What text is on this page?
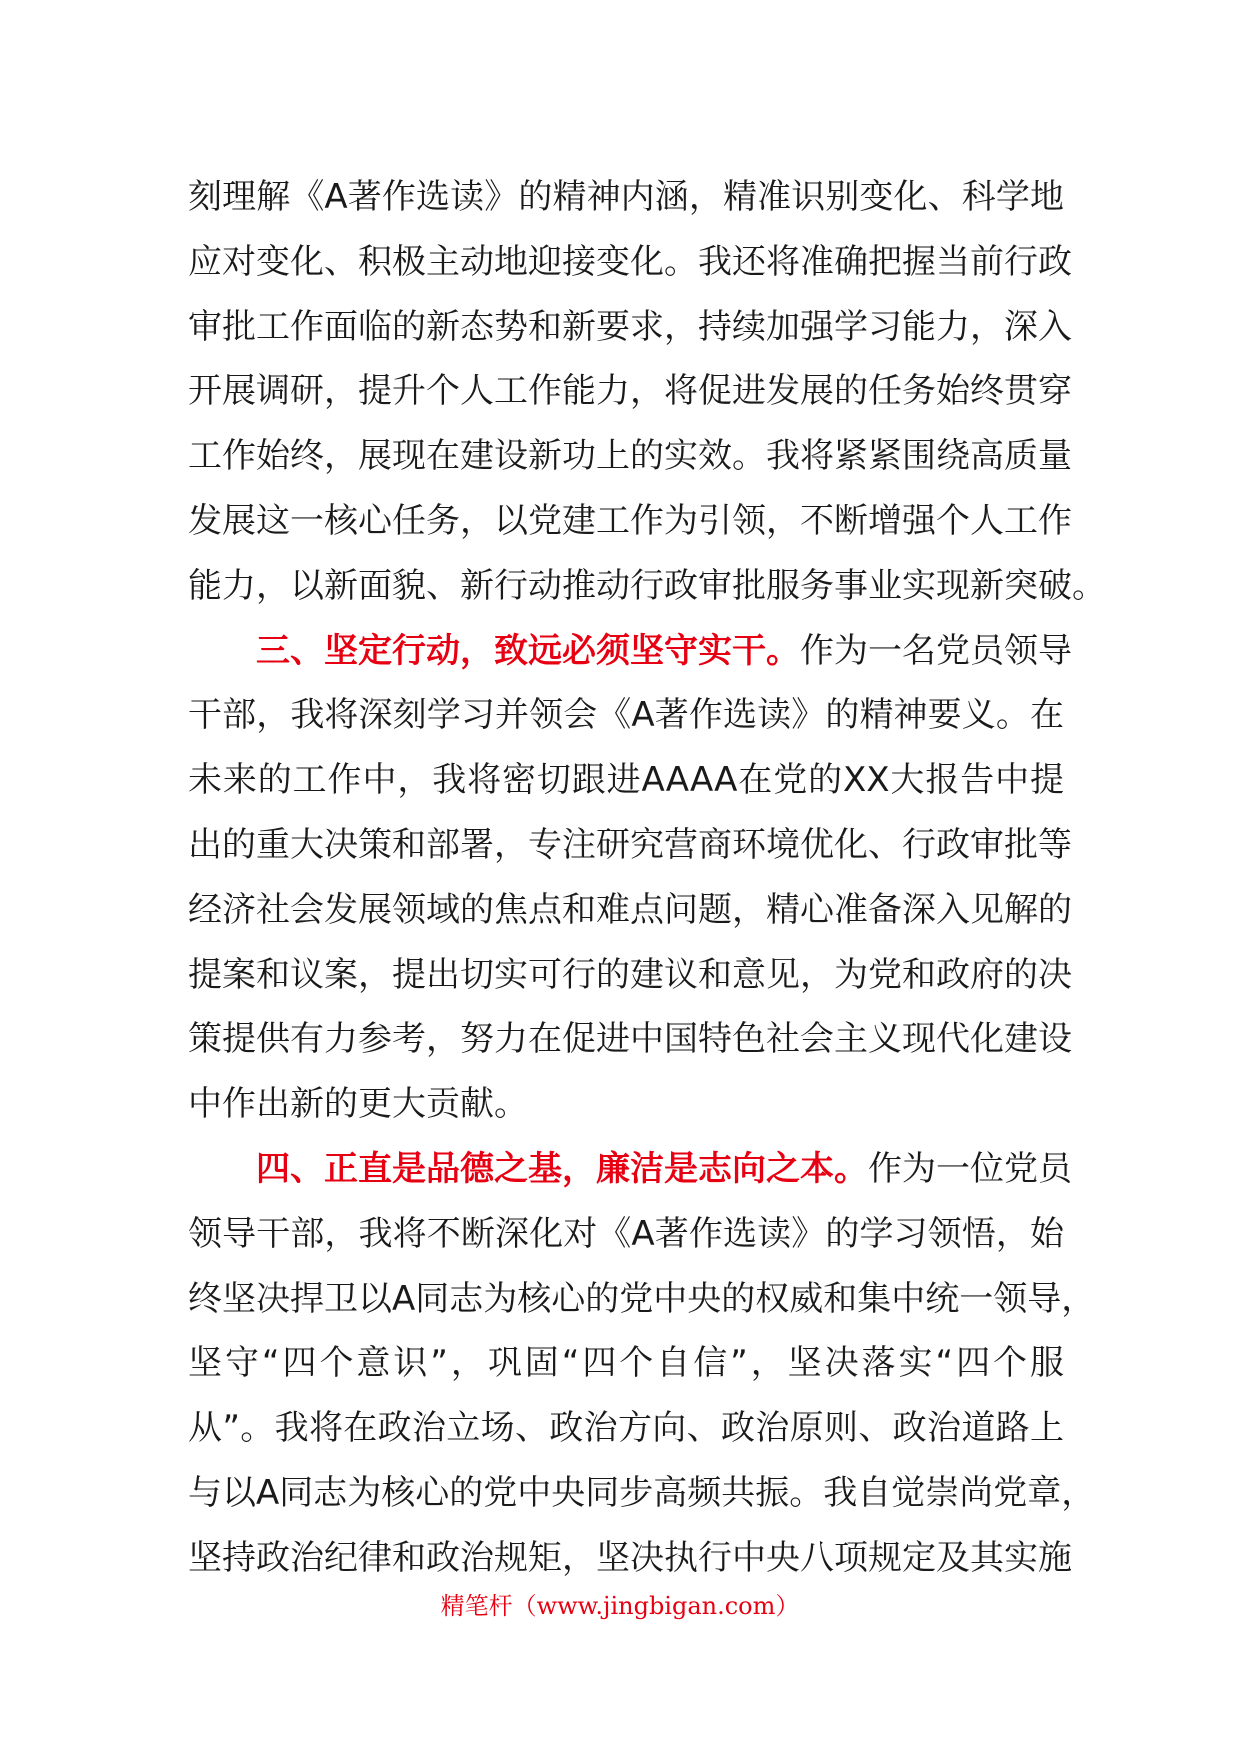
刻理解《A著作选读》的精神内涵，精准识别变化、科学地
应对变化、积极主动地迎接变化。我还将准确把握当前行政
审批工作面临的新态势和新要求，持续加强学习能力，深入
开展调研，提升个人工作能力，将促进发展的任务始终贯穿
工作始终，展现在建设新功上的实效。我将紧紧围绕高质量
发展这一核心任务，以党建工作为引领，不断增强个人工作
能力，以新面貌、新行动推动行政审批服务事业实现新突破。
三、坚定行动，致远必须坚守实干。作为一名党员领导
干部，我将深刻学习并领会《A著作选读》的精神要义。在
未来的工作中，我将密切跟进AAAA在党的XX大报告中提
出的重大决策和部署，专注研究营商环境优化、行政审批等
经济社会发展领域的焦点和难点问题，精心准备深入见解的
提案和议案，提出切实可行的建议和意见，为党和政府的决
策提供有力参考，努力在促进中国特色社会主义现代化建设
中作出新的更大贡献。
四、正直是品德之基，廉洁是志向之本。作为一位党员
领导干部，我将不断深化对《A著作选读》的学习领悟，始
终坚决捍卫以A同志为核心的党中央的权威和集中统一领导，
坚守“四个意识”，巩固“四个自信”，坚决落实“四个服
从”。我将在政治立场、政治方向、政治原则、政治道路上
与以A同志为核心的党中央同步高频共振。我自觉崇尚党章，
坚持政治纪律和政治规矩，坚决执行中央八项规定及其实施
精笔杆（www.jingbigan.com）
